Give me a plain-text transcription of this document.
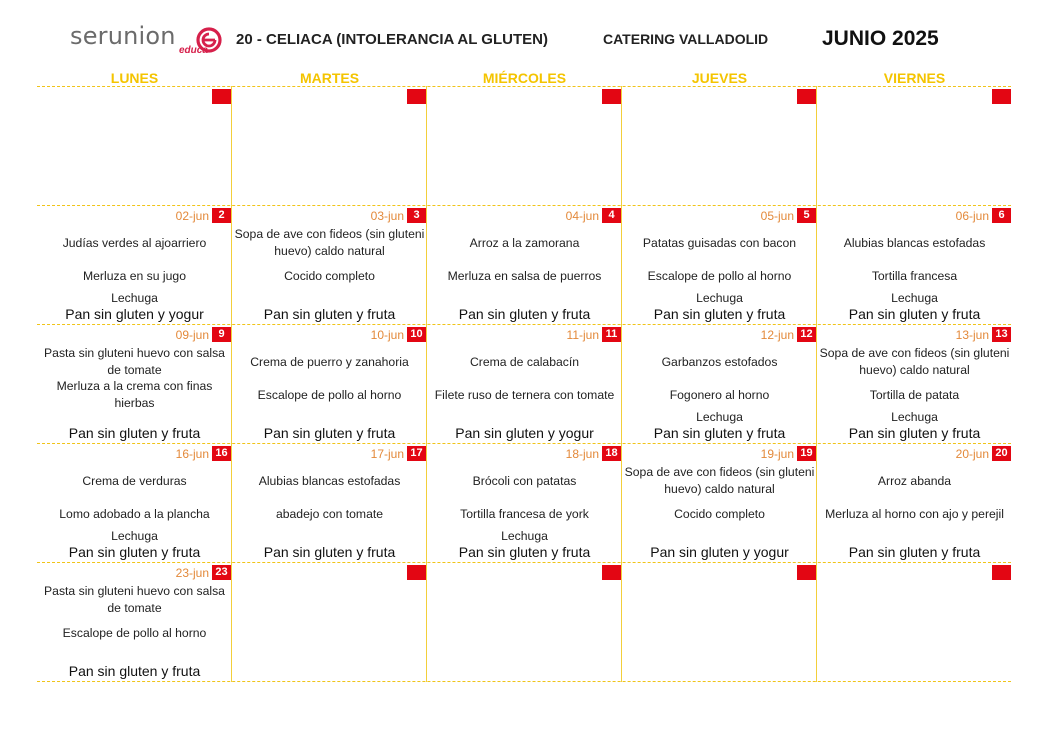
serunion
educa
20 - CELIACA (INTOLERANCIA AL GLUTEN)	CATERING VALLADOLID	JUNIO 2025
LUNES	MARTES	MIÉRCOLES	JUEVES	VIERNES
02-jun 2
Judías verdes al ajoarriero
Merluza en su jugo
Lechuga
Pan sin gluten y yogur
03-jun 3
Sopa de ave con fideos (sin gluteni huevo) caldo natural
Cocido completo
Pan sin gluten y fruta
04-jun 4
Arroz a la zamorana
Merluza en salsa de puerros
Pan sin gluten y fruta
05-jun 5
Patatas guisadas con bacon
Escalope de pollo al horno
Lechuga
Pan sin gluten y fruta
06-jun 6
Alubias blancas estofadas
Tortilla francesa
Lechuga
Pan sin gluten y fruta
09-jun 9
Pasta sin gluteni huevo con salsa de tomate
Merluza a la crema con finas hierbas
Pan sin gluten y fruta
10-jun 10
Crema de puerro y zanahoria
Escalope de pollo al horno
Pan sin gluten y fruta
11-jun 11
Crema de calabacín
Filete ruso de ternera con tomate
Pan sin gluten y yogur
12-jun 12
Garbanzos estofados
Fogonero al horno
Lechuga
Pan sin gluten y fruta
13-jun 13
Sopa de ave con fideos (sin gluteni huevo) caldo natural
Tortilla de patata
Lechuga
Pan sin gluten y fruta
16-jun 16
Crema de verduras
Lomo adobado a la plancha
Lechuga
Pan sin gluten y fruta
17-jun 17
Alubias blancas estofadas
abadejo con tomate
Pan sin gluten y fruta
18-jun 18
Brócoli con patatas
Tortilla francesa de york
Lechuga
Pan sin gluten y fruta
19-jun 19
Sopa de ave con fideos (sin gluteni huevo) caldo natural
Cocido completo
Pan sin gluten y yogur
20-jun 20
Arroz abanda
Merluza al horno con ajo y perejil
Pan sin gluten y fruta
23-jun 23
Pasta sin gluteni huevo con salsa de tomate
Escalope de pollo al horno
Pan sin gluten y fruta
